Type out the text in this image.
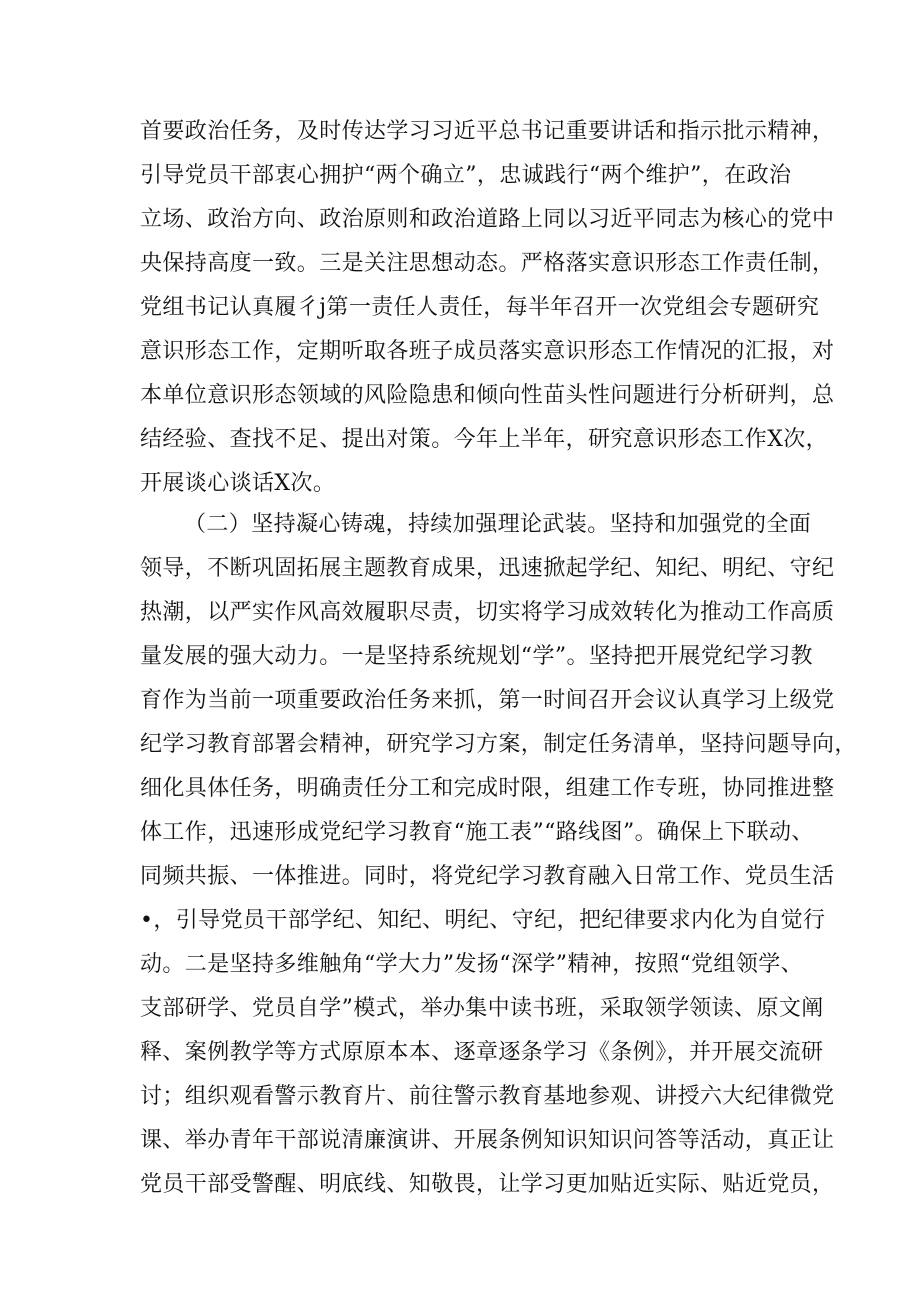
首要政治任务，及时传达学习习近平总书记重要讲话和指示批示精神，
引导党员干部衷心拥护“两个确立”，忠诚践行“两个维护”，在政治
立场、政治方向、政治原则和政治道路上同以习近平同志为核心的党中
央保持高度一致。三是关注思想动态。严格落实意识形态工作责任制，
党组书记认真履彳j第一责任人责任，每半年召开一次党组会专题研究
意识形态工作，定期听取各班子成员落实意识形态工作情况的汇报，对
本单位意识形态领域的风险隐患和倾向性苗头性问题进行分析研判，总
结经验、查找不足、提出对策。今年上半年，研究意识形态工作X次，
开展谈心谈话X次。
（二）坚持凝心铸魂，持续加强理论武装。坚持和加强党的全面
领导，不断巩固拓展主题教育成果，迅速掀起学纪、知纪、明纪、守纪
热潮，以严实作风高效履职尽责，切实将学习成效转化为推动工作高质
量发展的强大动力。一是坚持系统规划“学”。坚持把开展党纪学习教
育作为当前一项重要政治任务来抓，第一时间召开会议认真学习上级党
纪学习教育部署会精神，研究学习方案，制定任务清单，坚持问题导向，
细化具体任务，明确责任分工和完成时限，组建工作专班，协同推进整
体工作，迅速形成党纪学习教育“施工表”“路线图”。确保上下联动、
同频共振、一体推进。同时，将党纪学习教育融入日常工作、党员生活
•，引导党员干部学纪、知纪、明纪、守纪，把纪律要求内化为自觉行
动。二是坚持多维触角“学大力”发扬“深学”精神，按照“党组领学、
支部研学、党员自学”模式，举办集中读书班，采取领学领读、原文阐
释、案例教学等方式原原本本、逐章逐条学习《条例》，并开展交流研
讨；组织观看警示教育片、前往警示教育基地参观、讲授六大纪律微党
课、举办青年干部说清廉演讲、开展条例知识知识问答等活动，真正让
党员干部受警醒、明底线、知敬畏，让学习更加贴近实际、贴近党员，
